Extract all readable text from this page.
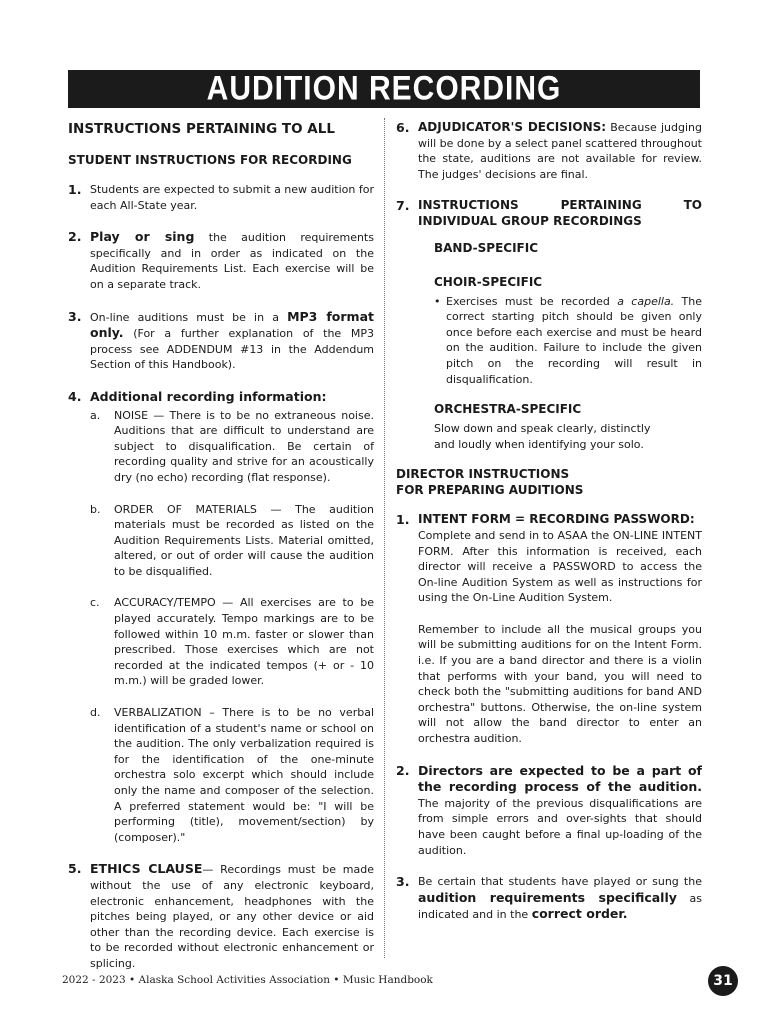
AUDITION RECORDING
INSTRUCTIONS PERTAINING TO ALL
STUDENT INSTRUCTIONS FOR RECORDING
1. Students are expected to submit a new audition for each All-State year.
2. Play or sing the audition requirements specifically and in order as indicated on the Audition Requirements List. Each exercise will be on a separate track.
3. On-line auditions must be in a MP3 format only. (For a further explanation of the MP3 process see ADDENDUM #13 in the Addendum Section of this Handbook).
4. Additional recording information:
a.	NOISE — There is to be no extraneous noise. Auditions that are difficult to understand are subject to disqualification. Be certain of recording quality and strive for an acoustically dry (no echo) recording (flat response).
b.	ORDER OF MATERIALS — The audition materials must be recorded as listed on the Audition Requirements Lists. Material omitted, altered, or out of order will cause the audition to be disqualified.
c.	ACCURACY/TEMPO — All exercises are to be played accurately. Tempo markings are to be followed within 10 m.m. faster or slower than prescribed. Those exercises which are not recorded at the indicated tempos (+ or - 10 m.m.) will be graded lower.
d.	VERBALIZATION – There is to be no verbal identification of a student's name or school on the audition. The only verbalization required is for the identification of the one-minute orchestra solo excerpt which should include only the name and composer of the selection. A preferred statement would be: "I will be performing (title), movement/section) by (composer)."
5. ETHICS CLAUSE— Recordings must be made without the use of any electronic keyboard, electronic enhancement, headphones with the pitches being played, or any other device or aid other than the recording device. Each exercise is to be recorded without electronic enhancement or splicing.
6. ADJUDICATOR'S DECISIONS: Because judging will be done by a select panel scattered throughout the state, auditions are not available for review. The judges' decisions are final.
7. INSTRUCTIONS PERTAINING TO INDIVIDUAL GROUP RECORDINGS
BAND-SPECIFIC
CHOIR-SPECIFIC
• Exercises must be recorded a capella. The correct starting pitch should be given only once before each exercise and must be heard on the audition. Failure to include the given pitch on the recording will result in disqualification.
ORCHESTRA-SPECIFIC
Slow down and speak clearly, distinctly
and loudly when identifying your solo.
DIRECTOR INSTRUCTIONS
FOR PREPARING AUDITIONS
1. INTENT FORM = RECORDING PASSWORD:
Complete and send in to ASAA the ON-LINE INTENT FORM. After this information is received, each director will receive a PASSWORD to access the On-line Audition System as well as instructions for using the On-Line Audition System.
Remember to include all the musical groups you will be submitting auditions for on the Intent Form. i.e. If you are a band director and there is a violin that performs with your band, you will need to check both the "submitting auditions for band AND orchestra" buttons. Otherwise, the on-line system will not allow the band director to enter an orchestra audition.
2. Directors are expected to be a part of the recording process of the audition. The majority of the previous disqualifications are from simple errors and over-sights that should have been caught before a final up-loading of the audition.
3. Be certain that students have played or sung the audition requirements specifically as indicated and in the correct order.
2022 - 2023 • Alaska School Activities Association • Music Handbook	31
